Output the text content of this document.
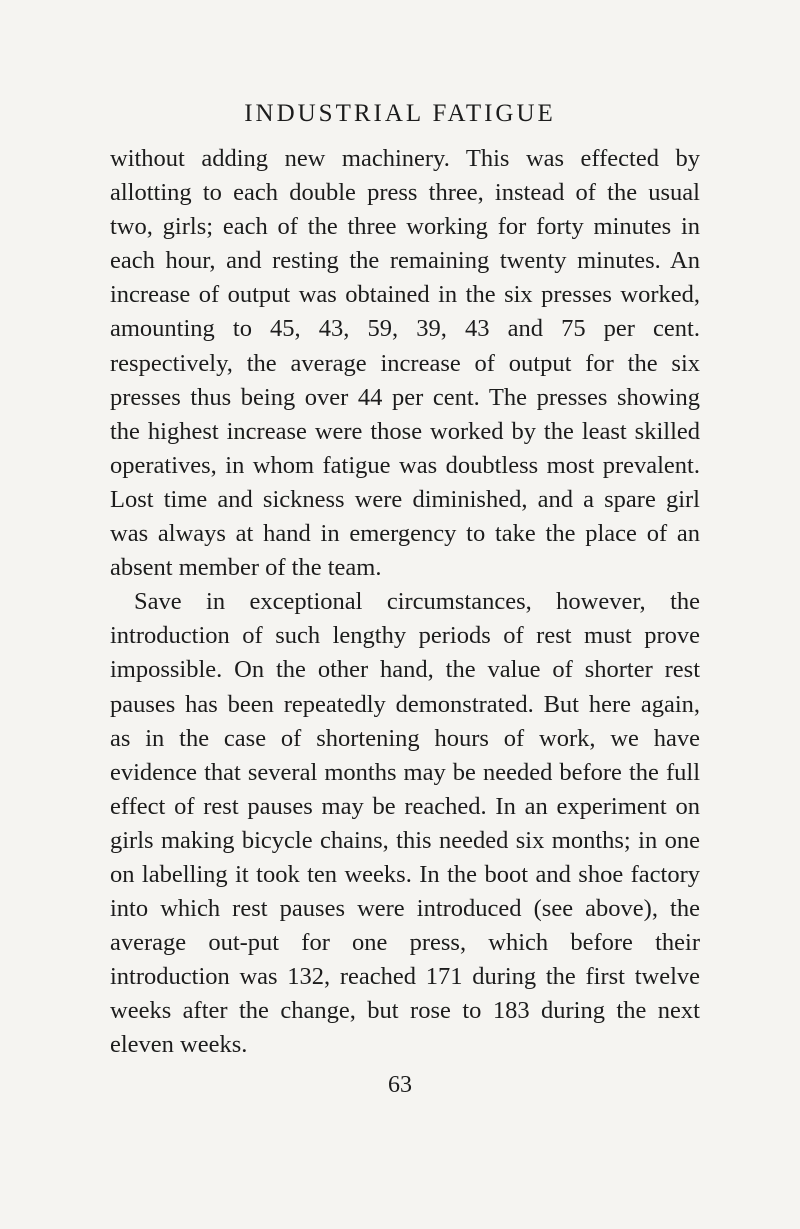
INDUSTRIAL FATIGUE

without adding new machinery. This was effected by allotting to each double press three, instead of the usual two, girls; each of the three working for forty minutes in each hour, and resting the remaining twenty minutes. An increase of output was obtained in the six presses worked, amounting to 45, 43, 59, 39, 43 and 75 per cent. respectively, the average increase of output for the six presses thus being over 44 per cent. The presses showing the highest increase were those worked by the least skilled operatives, in whom fatigue was doubtless most prevalent. Lost time and sickness were diminished, and a spare girl was always at hand in emergency to take the place of an absent member of the team.

Save in exceptional circumstances, however, the introduction of such lengthy periods of rest must prove impossible. On the other hand, the value of shorter rest pauses has been repeatedly demonstrated. But here again, as in the case of shortening hours of work, we have evidence that several months may be needed before the full effect of rest pauses may be reached. In an experiment on girls making bicycle chains, this needed six months; in one on labelling it took ten weeks. In the boot and shoe factory into which rest pauses were introduced (see above), the average out-put for one press, which before their introduction was 132, reached 171 during the first twelve weeks after the change, but rose to 183 during the next eleven weeks.

63
